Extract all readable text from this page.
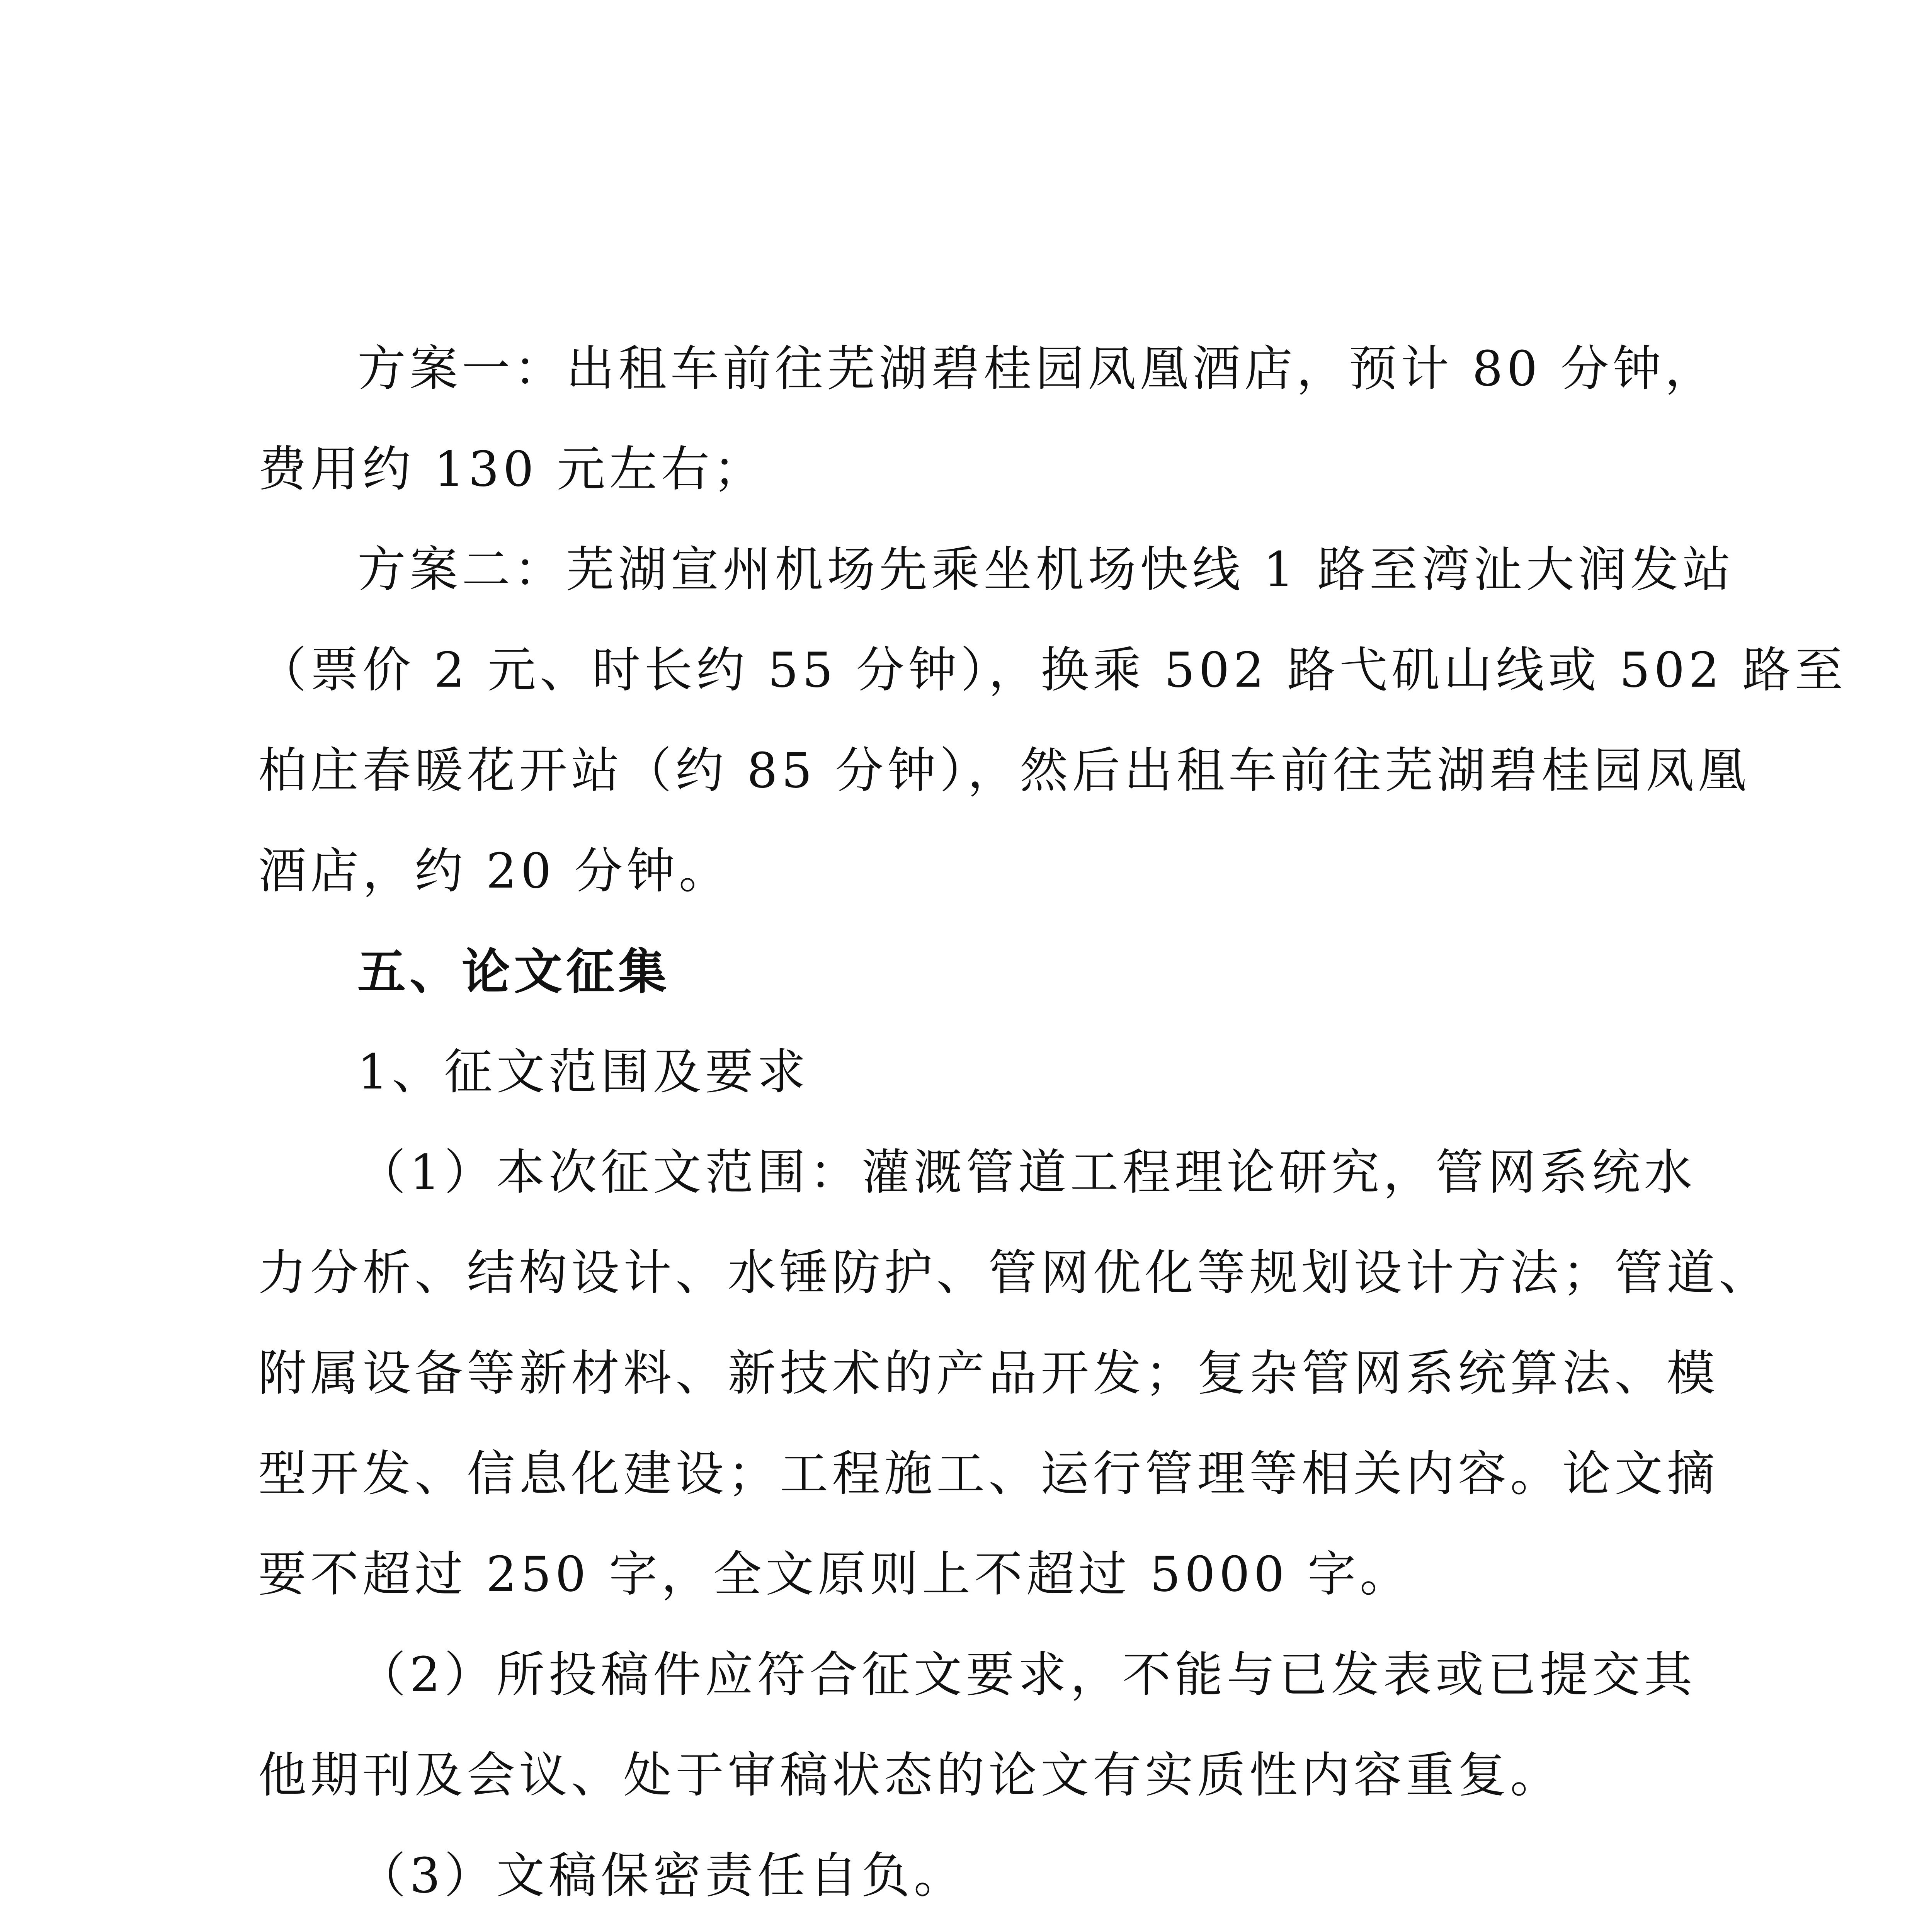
方案一：出租车前往芜湖碧桂园凤凰酒店，预计 80 分钟，
费用约 130 元左右；
方案二：芜湖宣州机场先乘坐机场快线 1 路至湾沚大润发站
（票价 2 元、时长约 55 分钟），换乘 502 路弋矶山线或 502 路至
柏庄春暖花开站（约 85 分钟），然后出租车前往芜湖碧桂园凤凰
酒店，约 20 分钟。
五、论文征集
1、征文范围及要求
（1）本次征文范围：灌溉管道工程理论研究，管网系统水
力分析、结构设计、水锤防护、管网优化等规划设计方法；管道、
附属设备等新材料、新技术的产品开发；复杂管网系统算法、模
型开发、信息化建设；工程施工、运行管理等相关内容。论文摘
要不超过 250 字，全文原则上不超过 5000 字。
（2）所投稿件应符合征文要求，不能与已发表或已提交其
他期刊及会议、处于审稿状态的论文有实质性内容重复。
（3）文稿保密责任自负。
